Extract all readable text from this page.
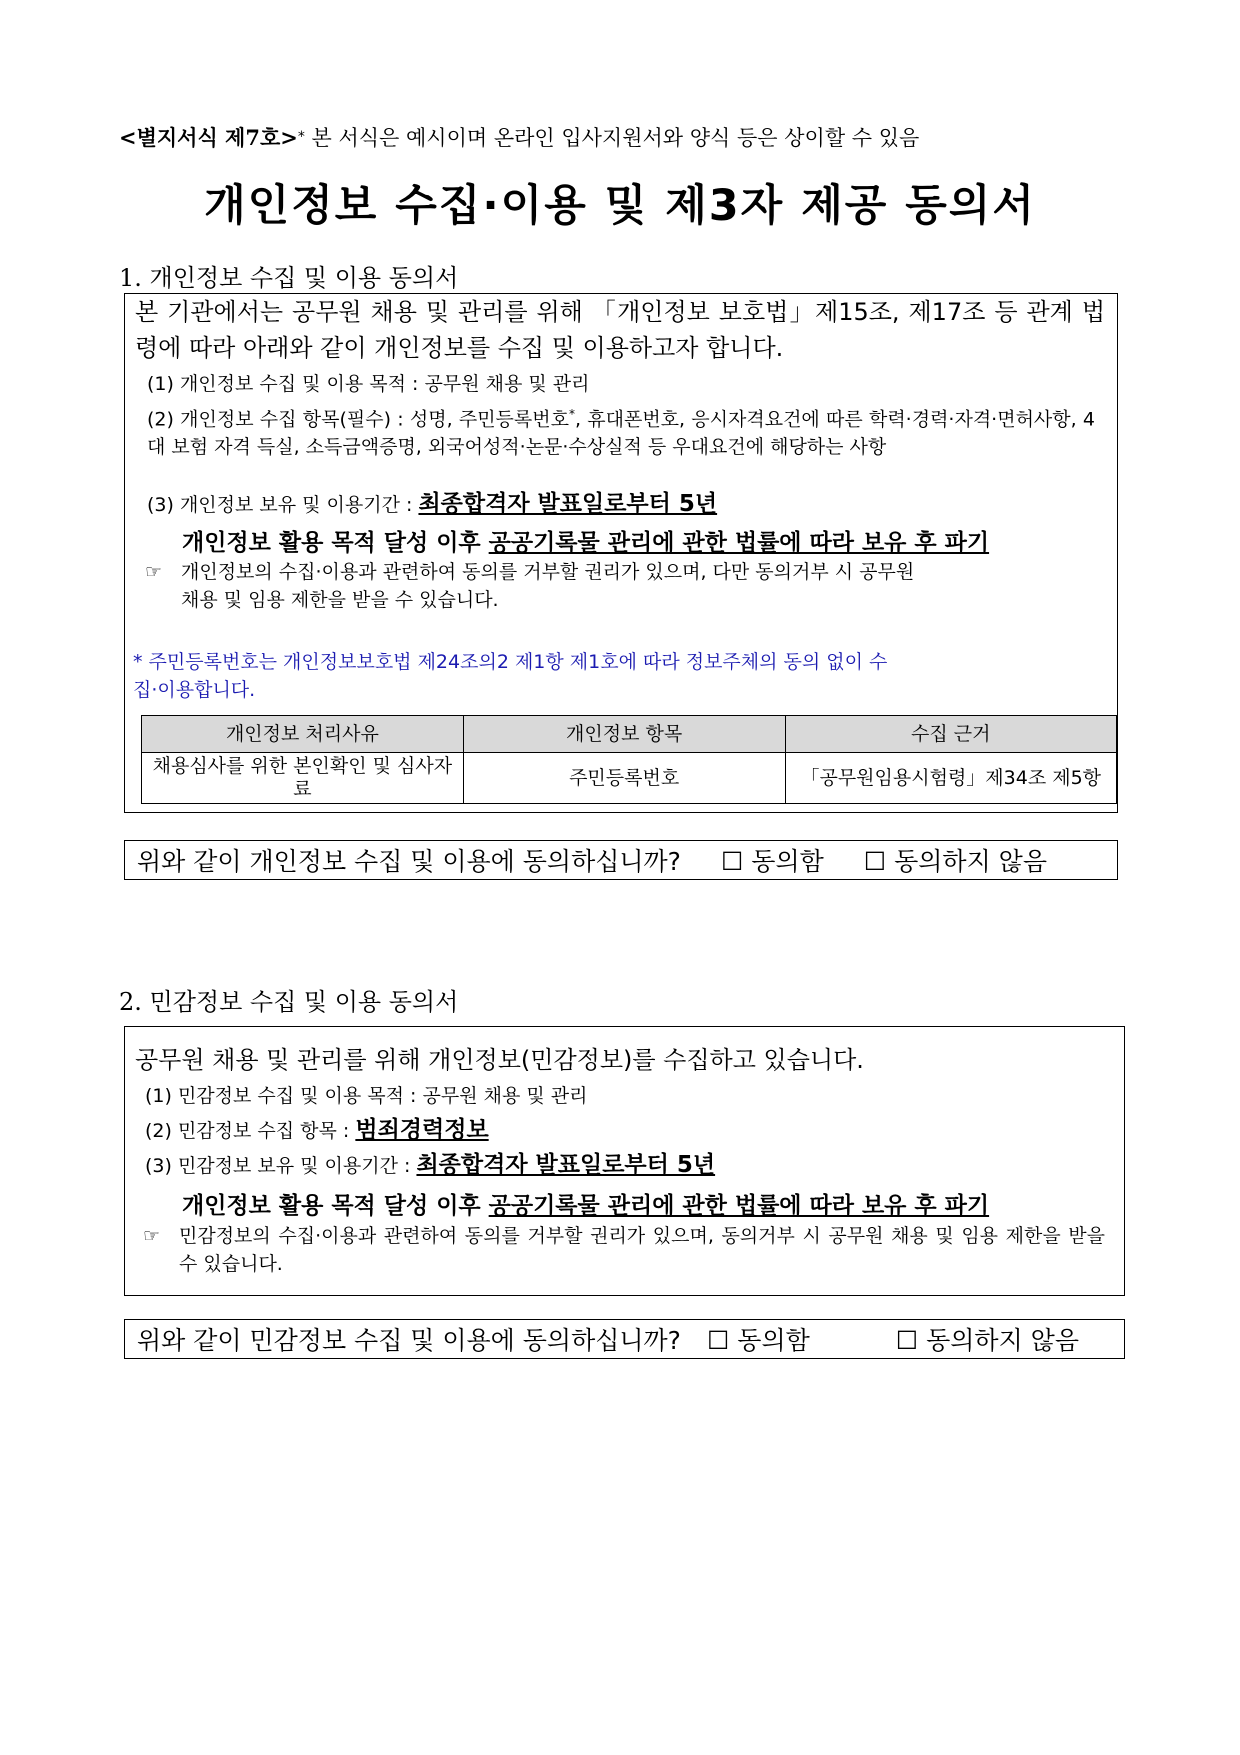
<별지서식 제7호>* 본 서식은 예시이며 온라인 입사지원서와 양식 등은 상이할 수 있음
개인정보 수집·이용 및 제3자 제공 동의서
1. 개인정보 수집 및 이용 동의서
본 기관에서는 공무원 채용 및 관리를 위해 「개인정보 보호법」제15조, 제17조 등 관계 법령에 따라 아래와 같이 개인정보를 수집 및 이용하고자 합니다.
(1) 개인정보 수집 및 이용 목적 : 공무원 채용 및 관리
(2) 개인정보 수집 항목(필수) : 성명, 주민등록번호*, 휴대폰번호, 응시자격요건에 따른 학력·경력·자격·면허사항, 4대 보험 자격 득실, 소득금액증명, 외국어성적·논문·수상실적 등 우대요건에 해당하는 사항
(3) 개인정보 보유 및 이용기간 : 최종합격자 발표일로부터 5년
개인정보 활용 목적 달성 이후 공공기록물 관리에 관한 법률에 따라 보유 후 파기
☞ 개인정보의 수집·이용과 관련하여 동의를 거부할 권리가 있으며, 다만 동의거부 시 공무원 채용 및 임용 제한을 받을 수 있습니다.
* 주민등록번호는 개인정보보호법 제24조의2 제1항 제1호에 따라 정보주체의 동의 없이 수집·이용합니다.
개인정보 처리사유	개인정보 항목	수집 근거
채용심사를 위한 본인확인 및 심사자료	주민등록번호	「공무원임용시험령」제34조 제5항
위와 같이 개인정보 수집 및 이용에 동의하십니까? ☐ 동의함 ☐ 동의하지 않음
2. 민감정보 수집 및 이용 동의서
공무원 채용 및 관리를 위해 개인정보(민감정보)를 수집하고 있습니다.
(1) 민감정보 수집 및 이용 목적 : 공무원 채용 및 관리
(2) 민감정보 수집 항목 : 범죄경력정보
(3) 민감정보 보유 및 이용기간 : 최종합격자 발표일로부터 5년
개인정보 활용 목적 달성 이후 공공기록물 관리에 관한 법률에 따라 보유 후 파기
☞ 민감정보의 수집·이용과 관련하여 동의를 거부할 권리가 있으며, 동의거부 시 공무원 채용 및 임용 제한을 받을 수 있습니다.
위와 같이 민감정보 수집 및 이용에 동의하십니까? ☐ 동의함	☐ 동의하지 않음
